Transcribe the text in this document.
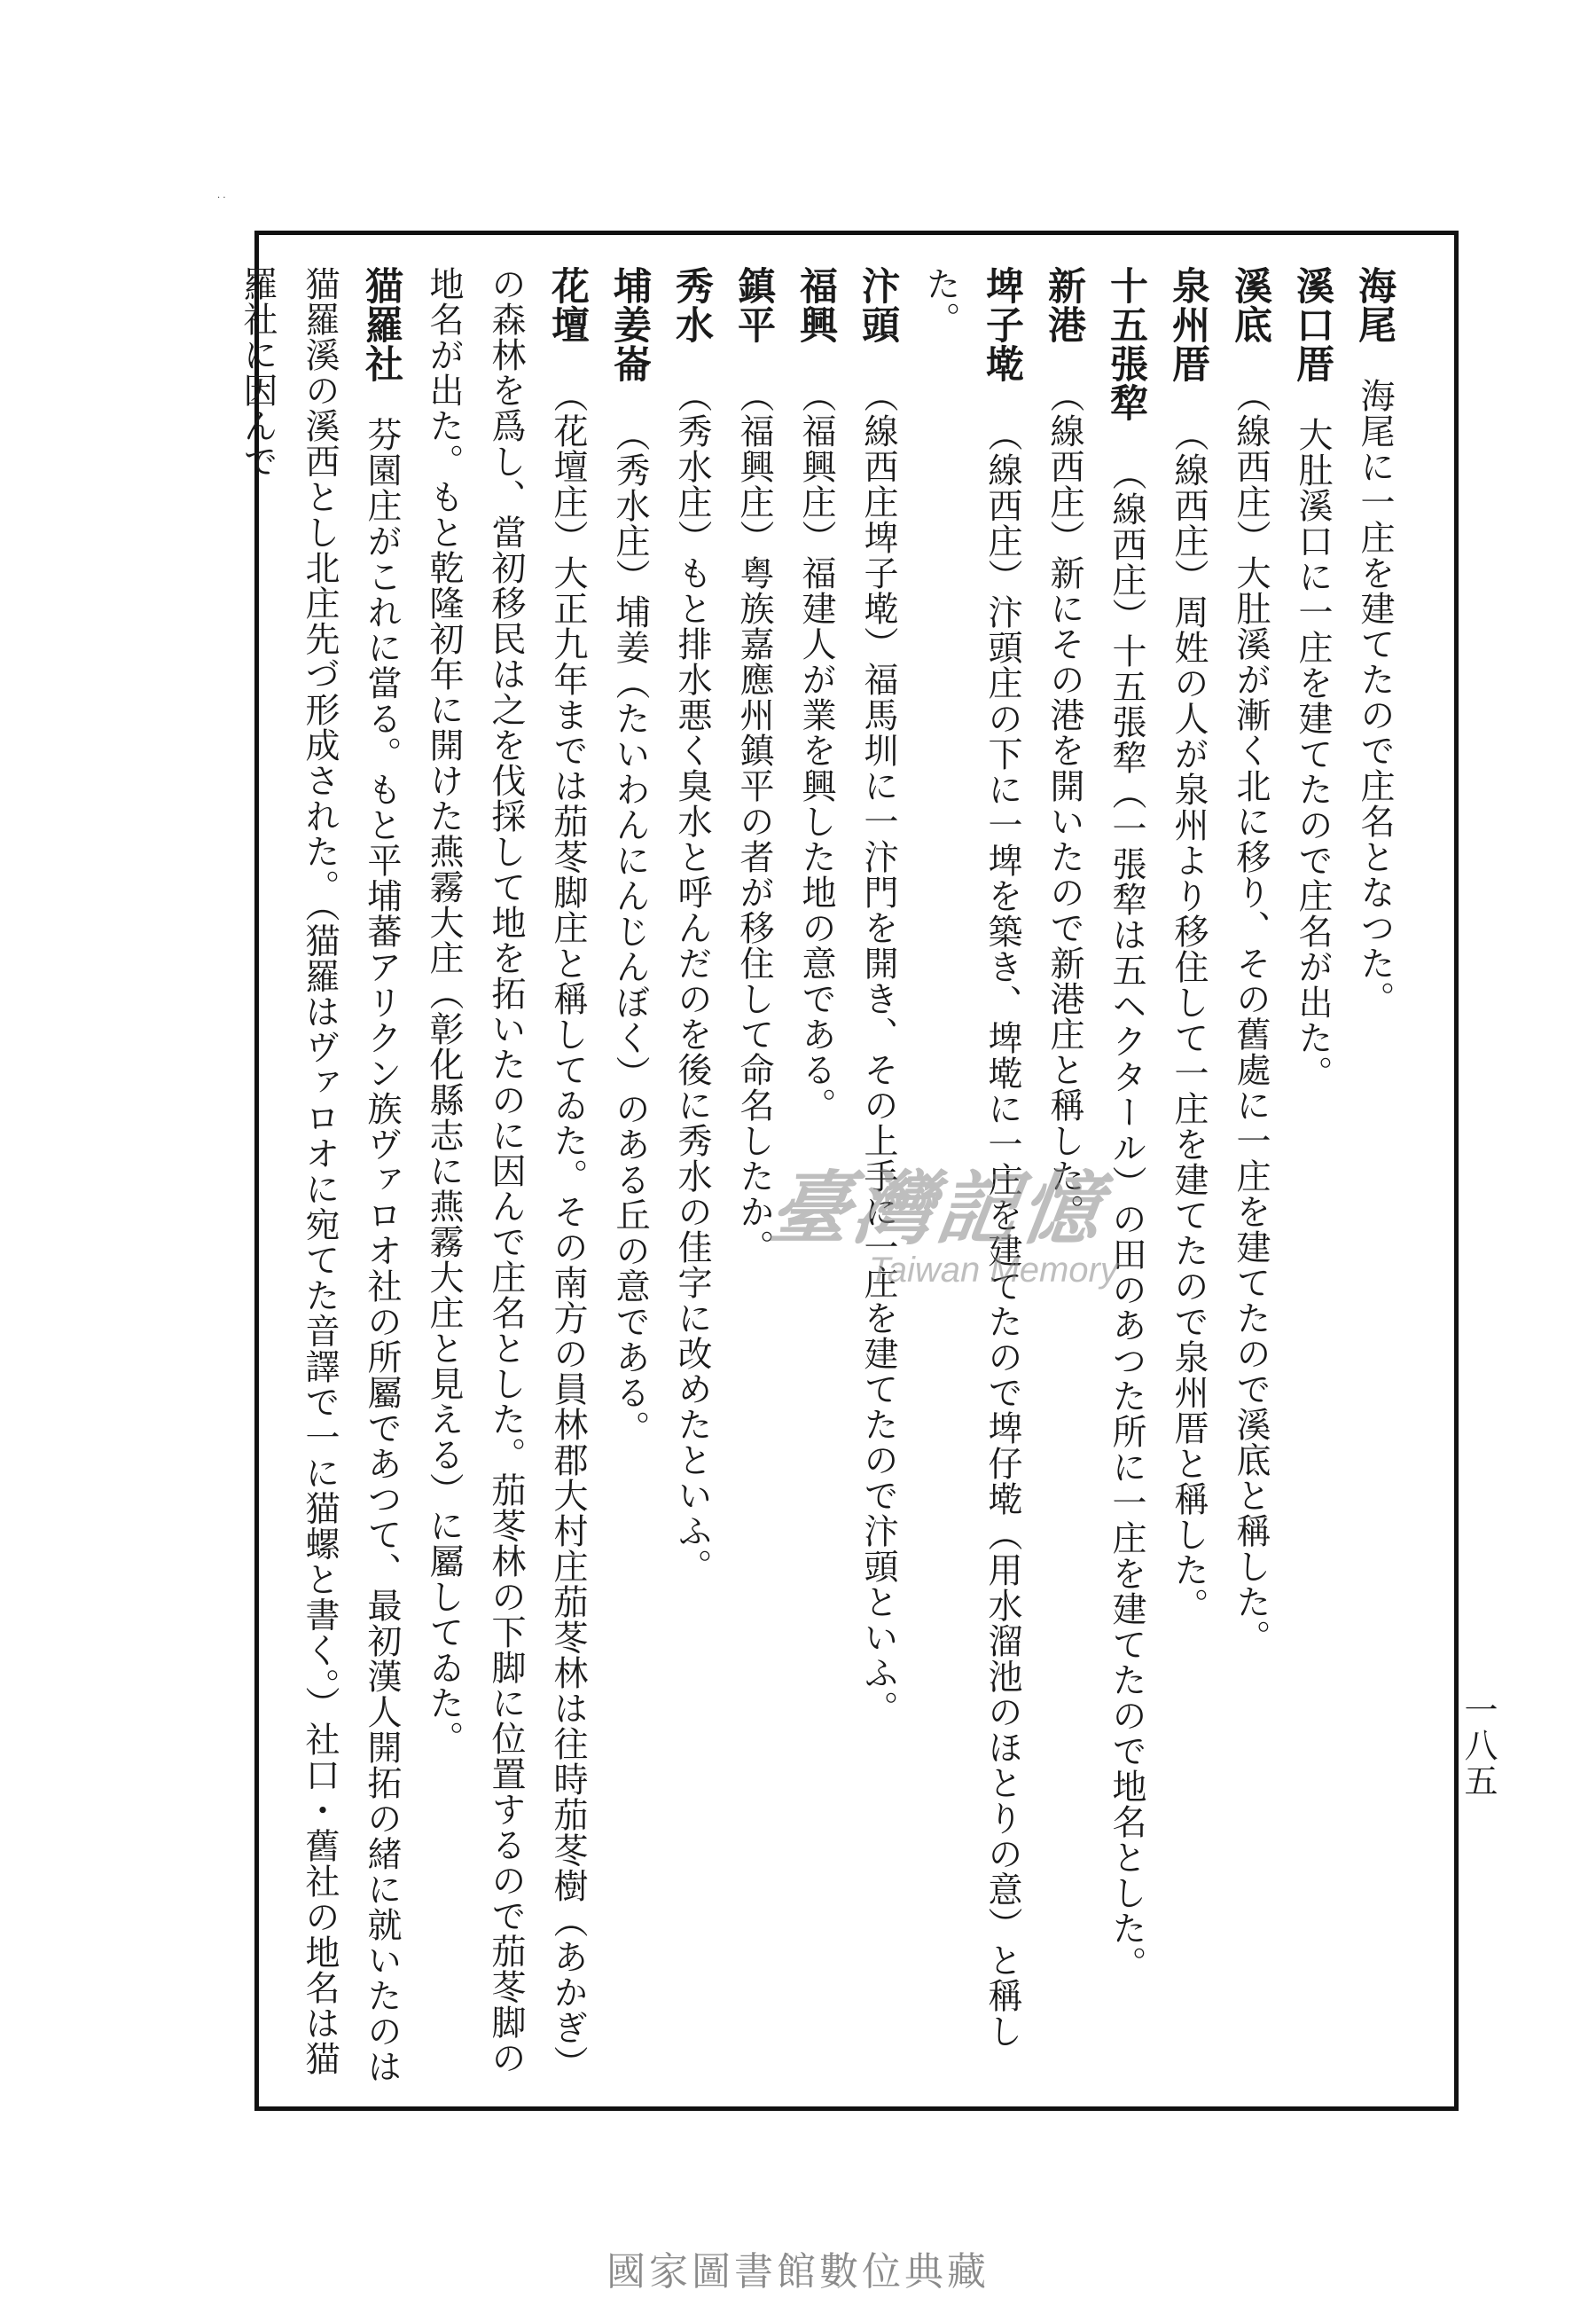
· ·
海尾海尾に一庄を建てたので庄名となつた。
溪口厝大肚溪口に一庄を建てたので庄名が出た。
溪底（線西庄）大肚溪が漸く北に移り、その舊處に一庄を建てたので溪底と稱した。
泉州厝（線西庄）周姓の人が泉州より移住して一庄を建てたので泉州厝と稱した。
十五張犂（線西庄）十五張犂（一張犂は五ヘクタール）の田のあつた所に一庄を建てたので地名とした。
新港（線西庄）新にその港を開いたので新港庄と稱した。
埤子墘（線西庄）汴頭庄の下に一埤を築き、埤墘に一庄を建てたので埤仔墘（用水溜池のほとりの意）と稱した。
汴頭（線西庄埤子墘）福馬圳に一汴門を開き、その上手に一庄を建てたので汴頭といふ。
福興（福興庄）福建人が業を興した地の意である。
鎮平（福興庄）粤族嘉應州鎮平の者が移住して命名したか。
秀水（秀水庄）もと排水悪く臭水と呼んだのを後に秀水の佳字に改めたといふ。
埔姜崙（秀水庄）埔姜（たいわんにんじんぼく）のある丘の意である。
花壇（花壇庄）大正九年までは茄苳脚庄と稱してゐた。その南方の員林郡大村庄茄苳林は往時茄苳樹（あかぎ）の森林を爲し、當初移民は之を伐採して地を拓いたのに因んで庄名とした。茄苳林の下脚に位置するので茄苳脚の地名が出た。もと乾隆初年に開けた燕霧大庄（彰化縣志に燕霧大庄と見える）に屬してゐた。
猫羅社芬園庄がこれに當る。もと平埔蕃アリクン族ヴァロオ社の所屬であつて、最初漢人開拓の緒に就いたのは猫羅溪の溪西とし北庄先づ形成された。（猫羅はヴァロオに宛てた音譯で一に猫螺と書く。）社口・舊社の地名は猫羅社に因んで
一八五
臺灣記憶
Taiwan Memory
國家圖書館數位典藏
